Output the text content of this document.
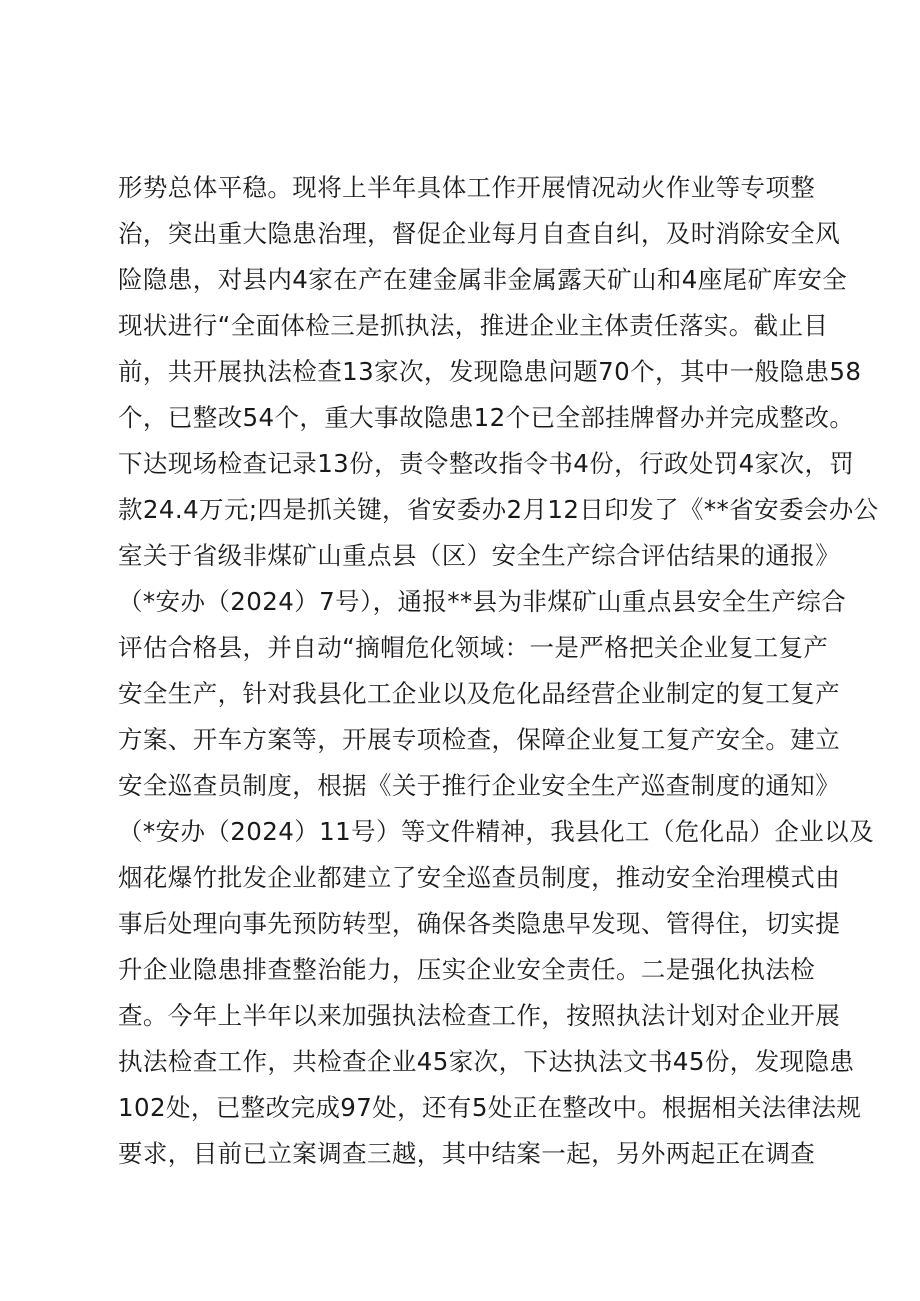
形势总体平稳。现将上半年具体工作开展情况动火作业等专项整
治，突出重大隐患治理，督促企业每月自查自纠，及时消除安全风
险隐患，对县内4家在产在建金属非金属露天矿山和4座尾矿库安全
现状进行“全面体检三是抓执法，推进企业主体责任落实。截止目
前，共开展执法检查13家次，发现隐患问题70个，其中一般隐患58
个，已整改54个，重大事故隐患12个已全部挂牌督办并完成整改。
下达现场检查记录13份，责令整改指令书4份，行政处罚4家次，罚
款24.4万元;四是抓关键，省安委办2月12日印发了《**省安委会办公
室关于省级非煤矿山重点县（区）安全生产综合评估结果的通报》
（*安办（2024）7号），通报**县为非煤矿山重点县安全生产综合
评估合格县，并自动“摘帽危化领域：一是严格把关企业复工复产
安全生产，针对我县化工企业以及危化品经营企业制定的复工复产
方案、开车方案等，开展专项检查，保障企业复工复产安全。建立
安全巡查员制度，根据《关于推行企业安全生产巡查制度的通知》
（*安办（2024）11号）等文件精神，我县化工（危化品）企业以及
烟花爆竹批发企业都建立了安全巡查员制度，推动安全治理模式由
事后处理向事先预防转型，确保各类隐患早发现、管得住，切实提
升企业隐患排查整治能力，压实企业安全责任。二是强化执法检
查。今年上半年以来加强执法检查工作，按照执法计划对企业开展
执法检查工作，共检查企业45家次，下达执法文书45份，发现隐患
102处，已整改完成97处，还有5处正在整改中。根据相关法律法规
要求，目前已立案调查三越，其中结案一起，另外两起正在调查
